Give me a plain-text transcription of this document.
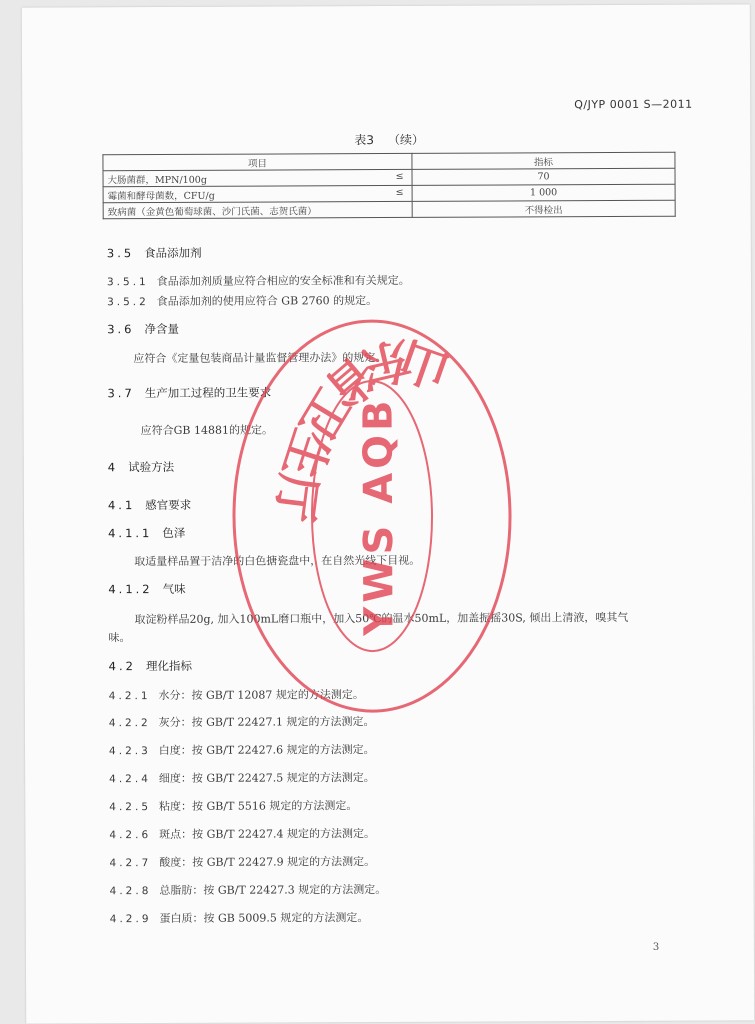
Q/JYP 0001 S—2011
表3 （续）
项目	指标
大肠菌群，MPN/100g ≤	70
霉菌和酵母菌数，CFU/g ≤	1 000
致病菌（金黄色葡萄球菌、沙门氏菌、志贺氏菌）	不得检出
3.5 食品添加剂
3.5.1 食品添加剂质量应符合相应的安全标准和有关规定。
3.5.2 食品添加剂的使用应符合 GB 2760 的规定。
3.6 净含量
应符合《定量包装商品计量监督管理办法》的规定。
3.7 生产加工过程的卫生要求
应符合GB 14881的规定。
4 试验方法
4.1 感官要求
4.1.1 色泽
取适量样品置于洁净的白色搪瓷盘中，在自然光线下目视。
4.1.2 气味
取淀粉样品20g, 加入100mL磨口瓶中，加入50℃的温水50mL，加盖振摇30S, 倾出上清液，嗅其气
味。
4.2 理化指标
4.2.1 水分：按 GB/T 12087 规定的方法测定。
4.2.2 灰分：按 GB/T 22427.1 规定的方法测定。
4.2.3 白度：按 GB/T 22427.6 规定的方法测定。
4.2.4 细度：按 GB/T 22427.5 规定的方法测定。
4.2.5 粘度：按 GB/T 5516 规定的方法测定。
4.2.6 斑点：按 GB/T 22427.4 规定的方法测定。
4.2.7 酸度：按 GB/T 22427.9 规定的方法测定。
4.2.8 总脂肪：按 GB/T 22427.3 规定的方法测定。
4.2.9 蛋白质：按 GB 5009.5 规定的方法测定。
3
山东省卫生厅 YWS AQB
